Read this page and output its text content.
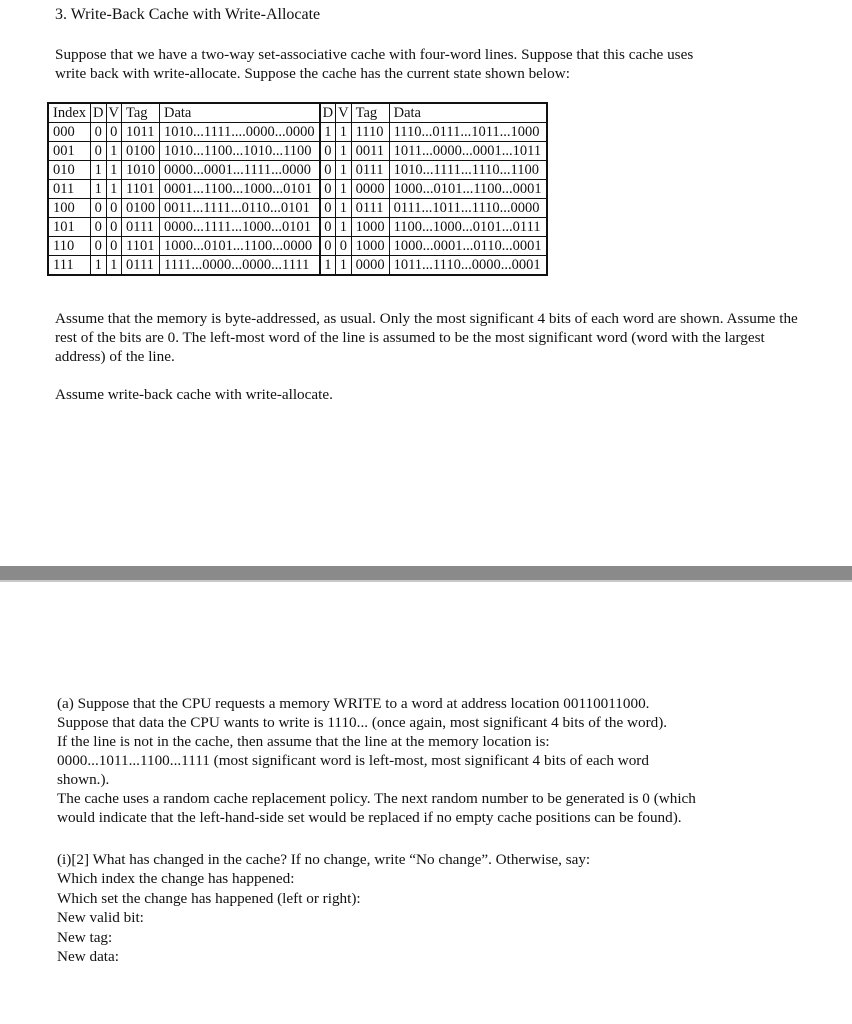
3. Write-Back Cache with Write-Allocate
Suppose that we have a two-way set-associative cache with four-word lines. Suppose that this cache uses
write back with write-allocate. Suppose the cache has the current state shown below:
Index	D	V	Tag	Data	D	V	Tag	Data
000	0	0	1011	1010...1111....0000...0000	1	1	1110	1110...0111...1011...1000
001	0	1	0100	1010...1100...1010...1100	0	1	0011	1011...0000...0001...1011
010	1	1	1010	0000...0001...1111...0000	0	1	0111	1010...1111...1110...1100
011	1	1	1101	0001...1100...1000...0101	0	1	0000	1000...0101...1100...0001
100	0	0	0100	0011...1111...0110...0101	0	1	0111	0111...1011...1110...0000
101	0	0	0111	0000...1111...1000...0101	0	1	1000	1100...1000...0101...0111
110	0	0	1101	1000...0101...1100...0000	0	0	1000	1000...0001...0110...0001
111	1	1	0111	1111...0000...0000...1111	1	1	0000	1011...1110...0000...0001

Assume that the memory is byte-addressed, as usual. Only the most significant 4 bits of each word are shown. Assume the rest of the bits are 0. The left-most word of the line is assumed to be the most significant word (word with the largest address) of the line.

Assume write-back cache with write-allocate.

(a) Suppose that the CPU requests a memory WRITE to a word at address location 00110011000.
Suppose that data the CPU wants to write is 1110... (once again, most significant 4 bits of the word).
If the line is not in the cache, then assume that the line at the memory location is:
0000...1011...1100...1111 (most significant word is left-most, most significant 4 bits of each word
shown.).
The cache uses a random cache replacement policy. The next random number to be generated is 0 (which
would indicate that the left-hand-side set would be replaced if no empty cache positions can be found).
(i)[2] What has changed in the cache? If no change, write “No change”. Otherwise, say:
Which index the change has happened:
Which set the change has happened (left or right):
New valid bit:
New tag:
New data:
